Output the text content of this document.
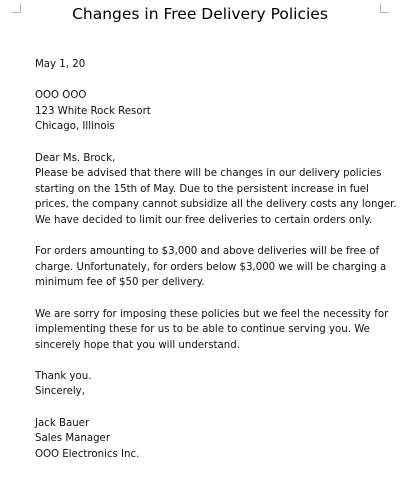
Changes in Free Delivery Policies

May 1, 20

OOO OOO
123 White Rock Resort
Chicago, Illinois
Dear Ms. Brock,
Please be advised that there will be changes in our delivery policies
starting on the 15th of May. Due to the persistent increase in fuel
prices, the company cannot subsidize all the delivery costs any longer.
We have decided to limit our free deliveries to certain orders only.
For orders amounting to $3,000 and above deliveries will be free of
charge. Unfortunately, for orders below $3,000 we will be charging a
minimum fee of $50 per delivery.
We are sorry for imposing these policies but we feel the necessity for
implementing these for us to be able to continue serving you. We
sincerely hope that you will understand.
Thank you.
Sincerely,
Jack Bauer
Sales Manager
OOO Electronics Inc.
